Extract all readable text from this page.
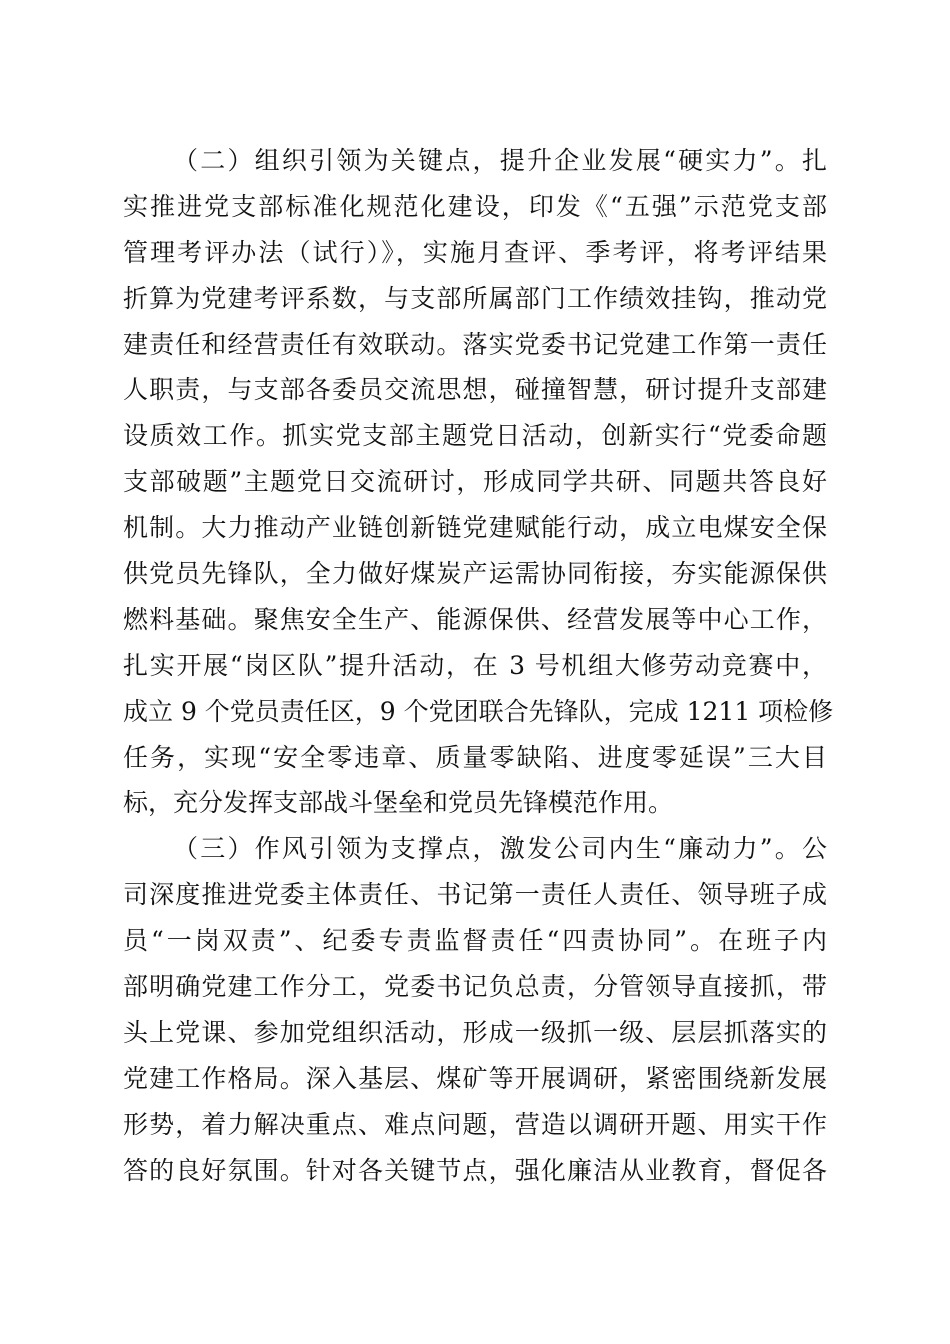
（二）组织引领为关键点，提升企业发展“硬实力”。扎
实推进党支部标准化规范化建设，印发《“五强”示范党支部
管理考评办法（试行）》，实施月查评、季考评，将考评结果
折算为党建考评系数，与支部所属部门工作绩效挂钩，推动党
建责任和经营责任有效联动。落实党委书记党建工作第一责任
人职责，与支部各委员交流思想，碰撞智慧，研讨提升支部建
设质效工作。抓实党支部主题党日活动，创新实行“党委命题
支部破题”主题党日交流研讨，形成同学共研、同题共答良好
机制。大力推动产业链创新链党建赋能行动，成立电煤安全保
供党员先锋队，全力做好煤炭产运需协同衔接，夯实能源保供
燃料基础。聚焦安全生产、能源保供、经营发展等中心工作，
扎实开展“岗区队”提升活动，在 3 号机组大修劳动竞赛中，
成立 9 个党员责任区，9 个党团联合先锋队，完成 1211 项检修
任务，实现“安全零违章、质量零缺陷、进度零延误”三大目
标，充分发挥支部战斗堡垒和党员先锋模范作用。
（三）作风引领为支撑点，激发公司内生“廉动力”。公
司深度推进党委主体责任、书记第一责任人责任、领导班子成
员“一岗双责”、纪委专责监督责任“四责协同”。在班子内
部明确党建工作分工，党委书记负总责，分管领导直接抓，带
头上党课、参加党组织活动，形成一级抓一级、层层抓落实的
党建工作格局。深入基层、煤矿等开展调研，紧密围绕新发展
形势，着力解决重点、难点问题，营造以调研开题、用实干作
答的良好氛围。针对各关键节点，强化廉洁从业教育，督促各
